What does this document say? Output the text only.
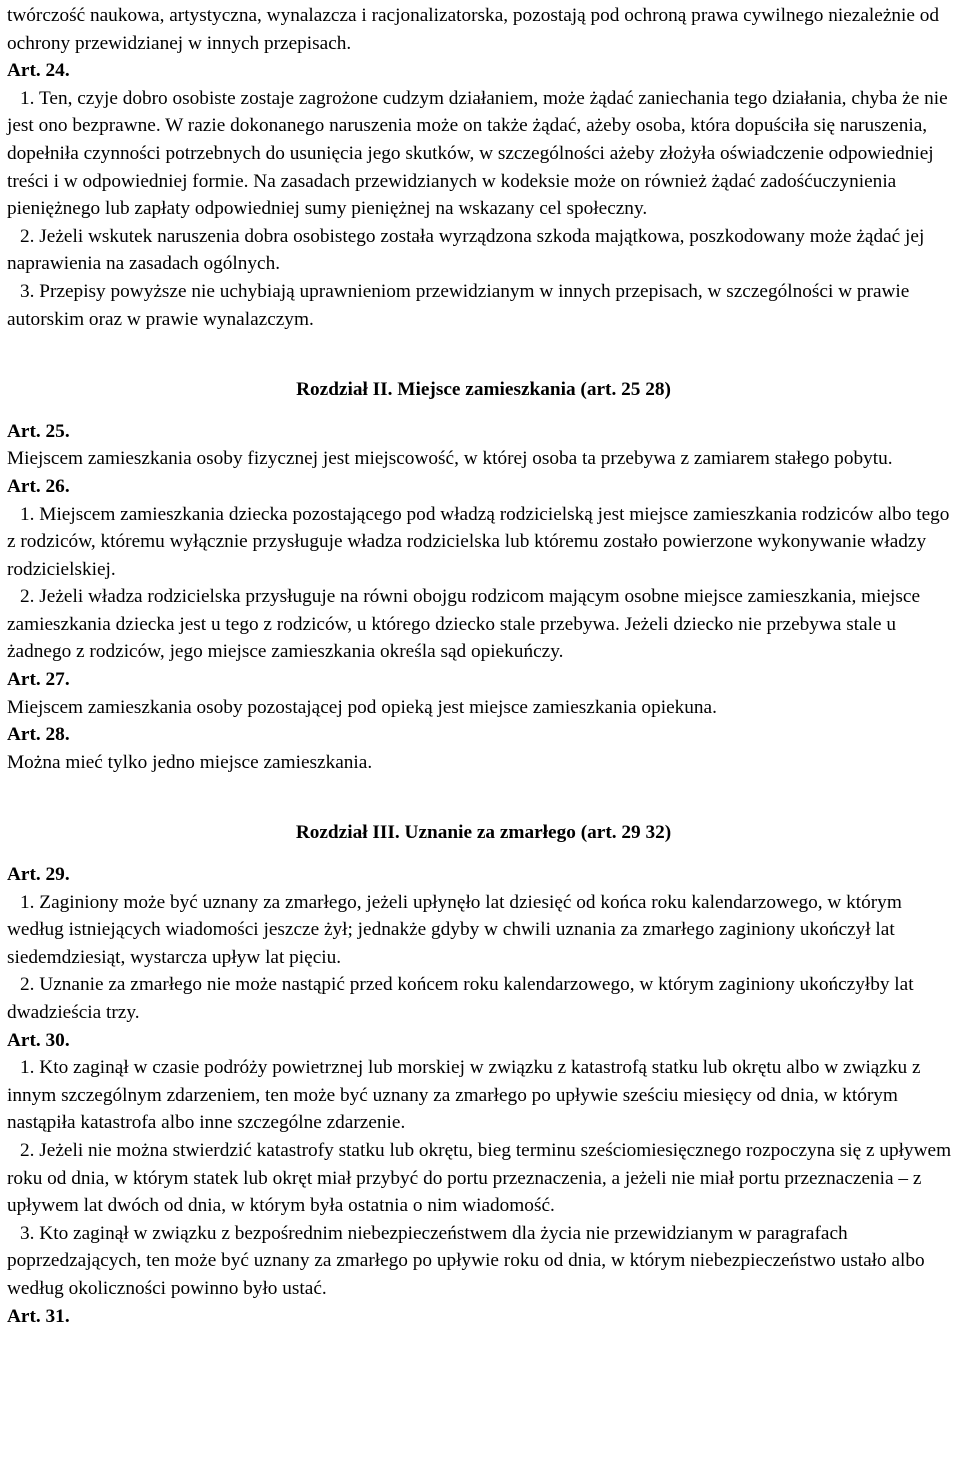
twórczość naukowa, artystyczna, wynalazcza i racjonalizatorska, pozostają pod ochroną prawa cywilnego niezależnie od ochrony przewidzianej w innych przepisach.

Art. 24.

1. Ten, czyje dobro osobiste zostaje zagrożone cudzym działaniem, może żądać zaniechania tego działania, chyba że nie jest ono bezprawne. W razie dokonanego naruszenia może on także żądać, ażeby osoba, która dopuściła się naruszenia, dopełniła czynności potrzebnych do usunięcia jego skutków, w szczególności ażeby złożyła oświadczenie odpowiedniej treści i w odpowiedniej formie. Na zasadach przewidzianych w kodeksie może on również żądać zadośćuczynienia pieniężnego lub zapłaty odpowiedniej sumy pieniężnej na wskazany cel społeczny.

2. Jeżeli wskutek naruszenia dobra osobistego została wyrządzona szkoda majątkowa, poszkodowany może żądać jej naprawienia na zasadach ogólnych.

3. Przepisy powyższe nie uchybiają uprawnieniom przewidzianym w innych przepisach, w szczególności w prawie autorskim oraz w prawie wynalazczym.

Rozdział II. Miejsce zamieszkania (art. 25 28)

Art. 25.

Miejscem zamieszkania osoby fizycznej jest miejscowość, w której osoba ta przebywa z zamiarem stałego pobytu.

Art. 26.

1. Miejscem zamieszkania dziecka pozostającego pod władzą rodzicielską jest miejsce zamieszkania rodziców albo tego z rodziców, któremu wyłącznie przysługuje władza rodzicielska lub któremu zostało powierzone wykonywanie władzy rodzicielskiej.

2. Jeżeli władza rodzicielska przysługuje na równi obojgu rodzicom mającym osobne miejsce zamieszkania, miejsce zamieszkania dziecka jest u tego z rodziców, u którego dziecko stale przebywa. Jeżeli dziecko nie przebywa stale u żadnego z rodziców, jego miejsce zamieszkania określa sąd opiekuńczy.

Art. 27.

Miejscem zamieszkania osoby pozostającej pod opieką jest miejsce zamieszkania opiekuna.

Art. 28.

Można mieć tylko jedno miejsce zamieszkania.

Rozdział III. Uznanie za zmarłego (art. 29 32)

Art. 29.

1. Zaginiony może być uznany za zmarłego, jeżeli upłynęło lat dziesięć od końca roku kalendarzowego, w którym według istniejących wiadomości jeszcze żył; jednakże gdyby w chwili uznania za zmarłego zaginiony ukończył lat siedemdziesiąt, wystarcza upływ lat pięciu.

2. Uznanie za zmarłego nie może nastąpić przed końcem roku kalendarzowego, w którym zaginiony ukończyłby lat dwadzieścia trzy.

Art. 30.

1. Kto zaginął w czasie podróży powietrznej lub morskiej w związku z katastrofą statku lub okrętu albo w związku z innym szczególnym zdarzeniem, ten może być uznany za zmarłego po upływie sześciu miesięcy od dnia, w którym nastąpiła katastrofa albo inne szczególne zdarzenie.

2. Jeżeli nie można stwierdzić katastrofy statku lub okrętu, bieg terminu sześciomiesięcznego rozpoczyna się z upływem roku od dnia, w którym statek lub okręt miał przybyć do portu przeznaczenia, a jeżeli nie miał portu przeznaczenia – z upływem lat dwóch od dnia, w którym była ostatnia o nim wiadomość.

3. Kto zaginął w związku z bezpośrednim niebezpieczeństwem dla życia nie przewidzianym w paragrafach poprzedzających, ten może być uznany za zmarłego po upływie roku od dnia, w którym niebezpieczeństwo ustało albo według okoliczności powinno było ustać.

Art. 31.
